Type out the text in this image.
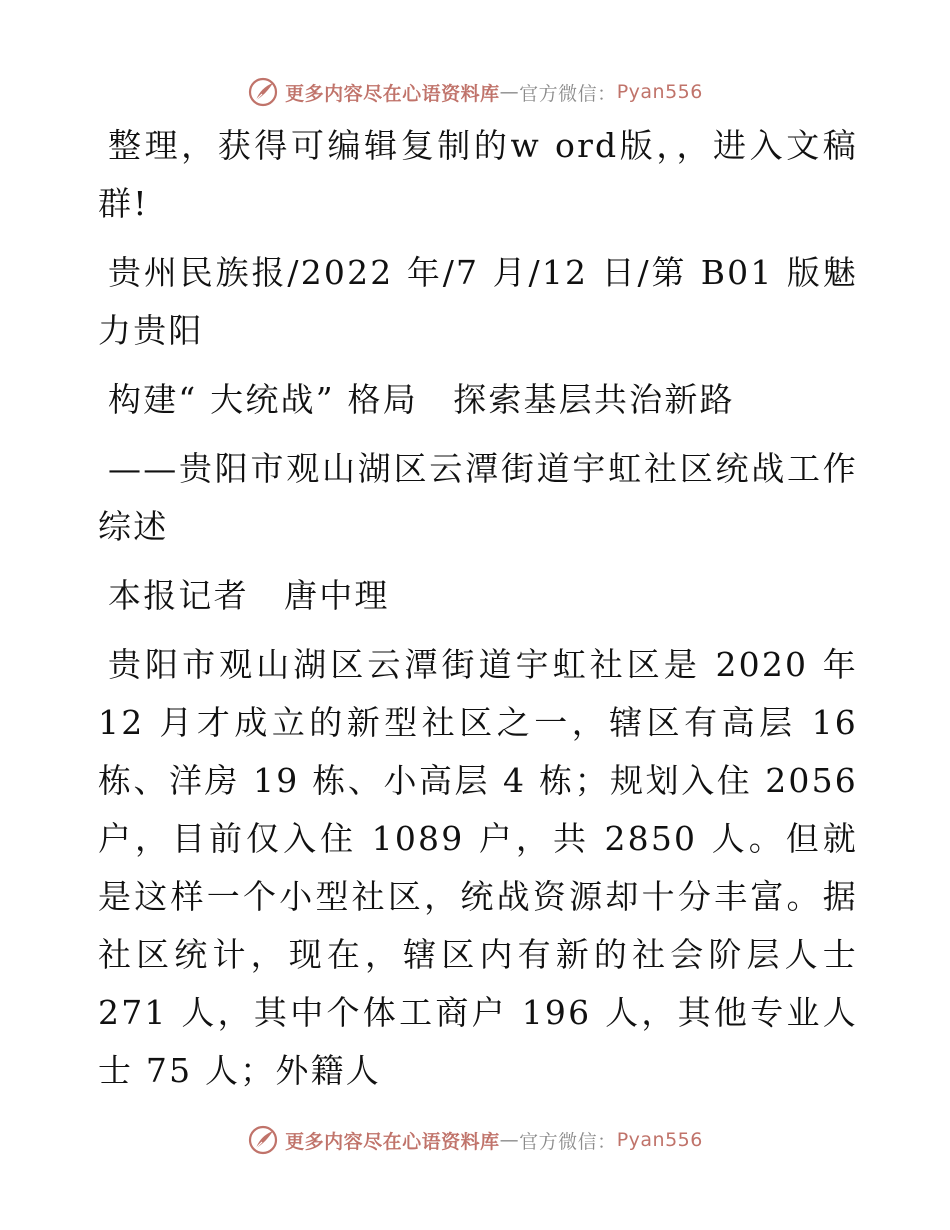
更多内容尽在心语资料库 — 官方微信： Pyan556

整理，获得可编辑复制的w ord版，，进入文稿群!

贵州民族报/2022 年/7 月/12 日/第 B01 版魅力贵阳

构建“ 大统战” 格局　探索基层共治新路

——贵阳市观山湖区云潭街道宇虹社区统战工作综述

本报记者　唐中理

贵阳市观山湖区云潭街道宇虹社区是 2020 年 12 月才成立的新型社区之一，辖区有高层 16栋、洋房 19 栋、小高层 4 栋；规划入住 2056 户，目前仅入住 1089 户，共 2850 人。但就是这样一个小型社区，统战资源却十分丰富。据社区统计，现在，辖区内有新的社会阶层人士 271 人，其中个体工商户 196 人，其他专业人士 75 人；外籍人

更多内容尽在心语资料库 — 官方微信： Pyan556
